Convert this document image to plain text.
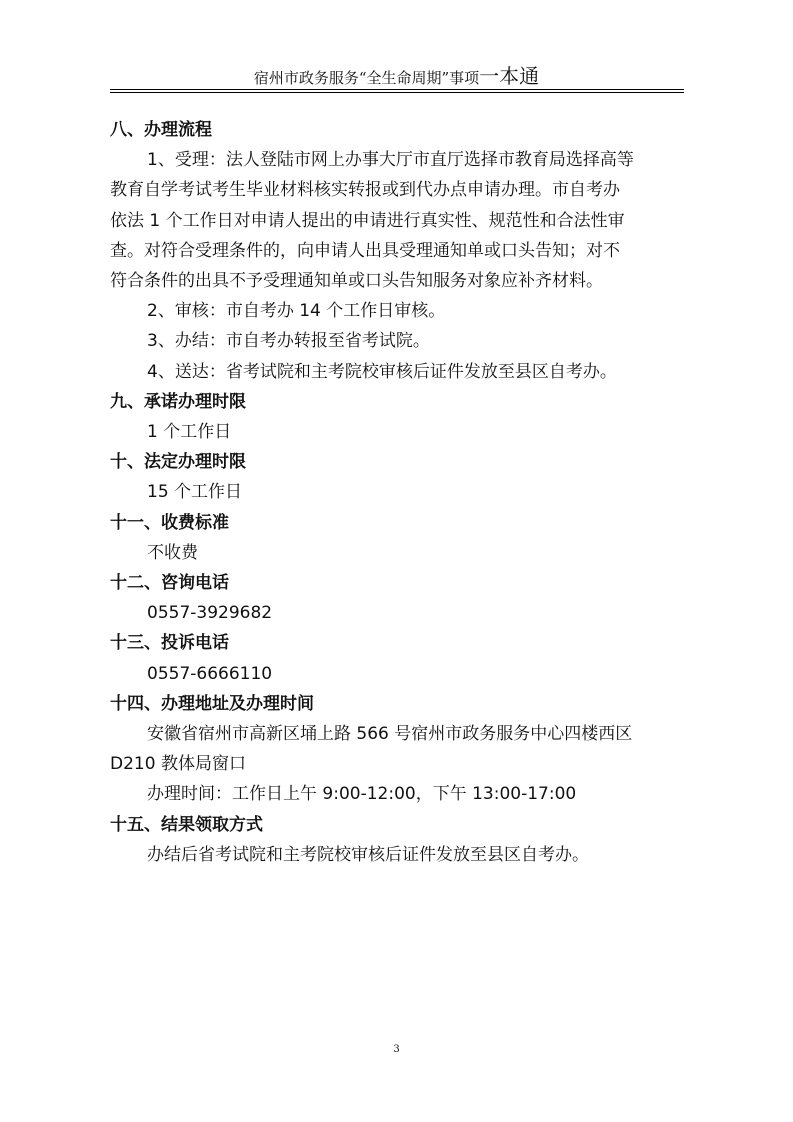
宿州市政务服务“全生命周期”事项一本通
八、办理流程
1、受理：法人登陆市网上办事大厅市直厅选择市教育局选择高等
教育自学考试考生毕业材料核实转报或到代办点申请办理。市自考办
依法 1 个工作日对申请人提出的申请进行真实性、规范性和合法性审
查。对符合受理条件的，向申请人出具受理通知单或口头告知；对不
符合条件的出具不予受理通知单或口头告知服务对象应补齐材料。
2、审核：市自考办 14 个工作日审核。
3、办结：市自考办转报至省考试院。
4、送达：省考试院和主考院校审核后证件发放至县区自考办。
九、承诺办理时限
1 个工作日
十、法定办理时限
15 个工作日
十一、收费标准
不收费
十二、咨询电话
0557-3929682
十三、投诉电话
0557-6666110
十四、办理地址及办理时间
安徽省宿州市高新区埇上路 566 号宿州市政务服务中心四楼西区
D210 教体局窗口
办理时间：工作日上午 9:00-12:00，下午 13:00-17:00
十五、结果领取方式
办结后省考试院和主考院校审核后证件发放至县区自考办。
3
